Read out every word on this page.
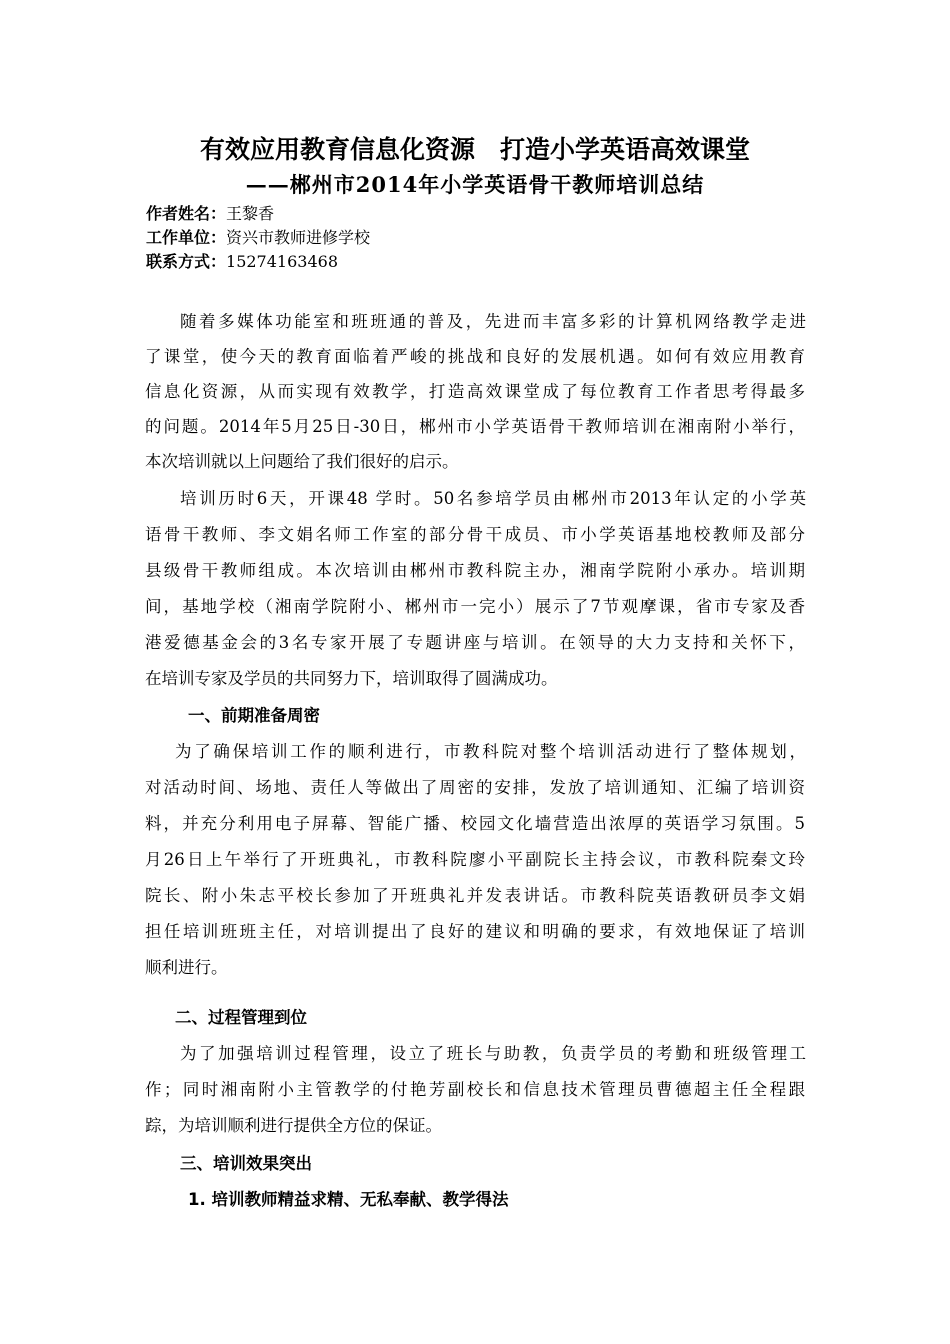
有效应用教育信息化资源　打造小学英语高效课堂
——郴州市2014年小学英语骨干教师培训总结
作者姓名：王黎香
工作单位：资兴市教师进修学校
联系方式：15274163468
随着多媒体功能室和班班通的普及，先进而丰富多彩的计算机网络教学走进
了课堂，使今天的教育面临着严峻的挑战和良好的发展机遇。如何有效应用教育
信息化资源，从而实现有效教学，打造高效课堂成了每位教育工作者思考得最多
的问题。2014年5月25日-30日，郴州市小学英语骨干教师培训在湘南附小举行，
本次培训就以上问题给了我们很好的启示。
培训历时6天，开课48 学时。50名参培学员由郴州市2013年认定的小学英
语骨干教师、李文娟名师工作室的部分骨干成员、市小学英语基地校教师及部分
县级骨干教师组成。本次培训由郴州市教科院主办，湘南学院附小承办。培训期
间，基地学校（湘南学院附小、郴州市一完小）展示了7节观摩课，省市专家及香
港爱德基金会的3名专家开展了专题讲座与培训。在领导的大力支持和关怀下，
在培训专家及学员的共同努力下，培训取得了圆满成功。
一、前期准备周密
为了确保培训工作的顺利进行，市教科院对整个培训活动进行了整体规划，
对活动时间、场地、责任人等做出了周密的安排，发放了培训通知、汇编了培训资
料，并充分利用电子屏幕、智能广播、校园文化墙营造出浓厚的英语学习氛围。5
月26日上午举行了开班典礼，市教科院廖小平副院长主持会议，市教科院秦文玲
院长、附小朱志平校长参加了开班典礼并发表讲话。市教科院英语教研员李文娟
担任培训班班主任，对培训提出了良好的建议和明确的要求，有效地保证了培训
顺利进行。
二、过程管理到位
为了加强培训过程管理，设立了班长与助教，负责学员的考勤和班级管理工
作；同时湘南附小主管教学的付艳芳副校长和信息技术管理员曹德超主任全程跟
踪，为培训顺利进行提供全方位的保证。
三、培训效果突出
1. 培训教师精益求精、无私奉献、教学得法
